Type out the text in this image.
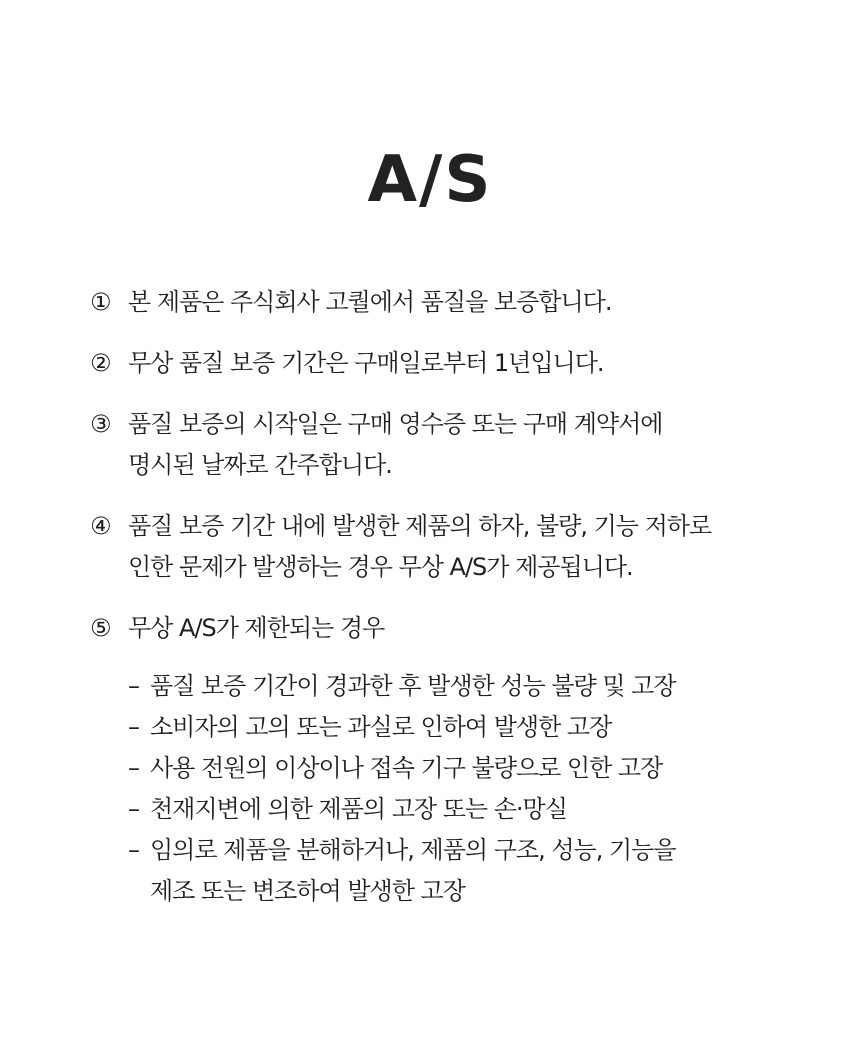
A/S
① 본 제품은 주식회사 고퀄에서 품질을 보증합니다.
② 무상 품질 보증 기간은 구매일로부터 1년입니다.
③ 품질 보증의 시작일은 구매 영수증 또는 구매 계약서에
명시된 날짜로 간주합니다.
④ 품질 보증 기간 내에 발생한 제품의 하자, 불량, 기능 저하로
인한 문제가 발생하는 경우 무상 A/S가 제공됩니다.
⑤ 무상 A/S가 제한되는 경우
– 품질 보증 기간이 경과한 후 발생한 성능 불량 및 고장
– 소비자의 고의 또는 과실로 인하여 발생한 고장
– 사용 전원의 이상이나 접속 기구 불량으로 인한 고장
– 천재지변에 의한 제품의 고장 또는 손·망실
– 임의로 제품을 분해하거나, 제품의 구조, 성능, 기능을
제조 또는 변조하여 발생한 고장
